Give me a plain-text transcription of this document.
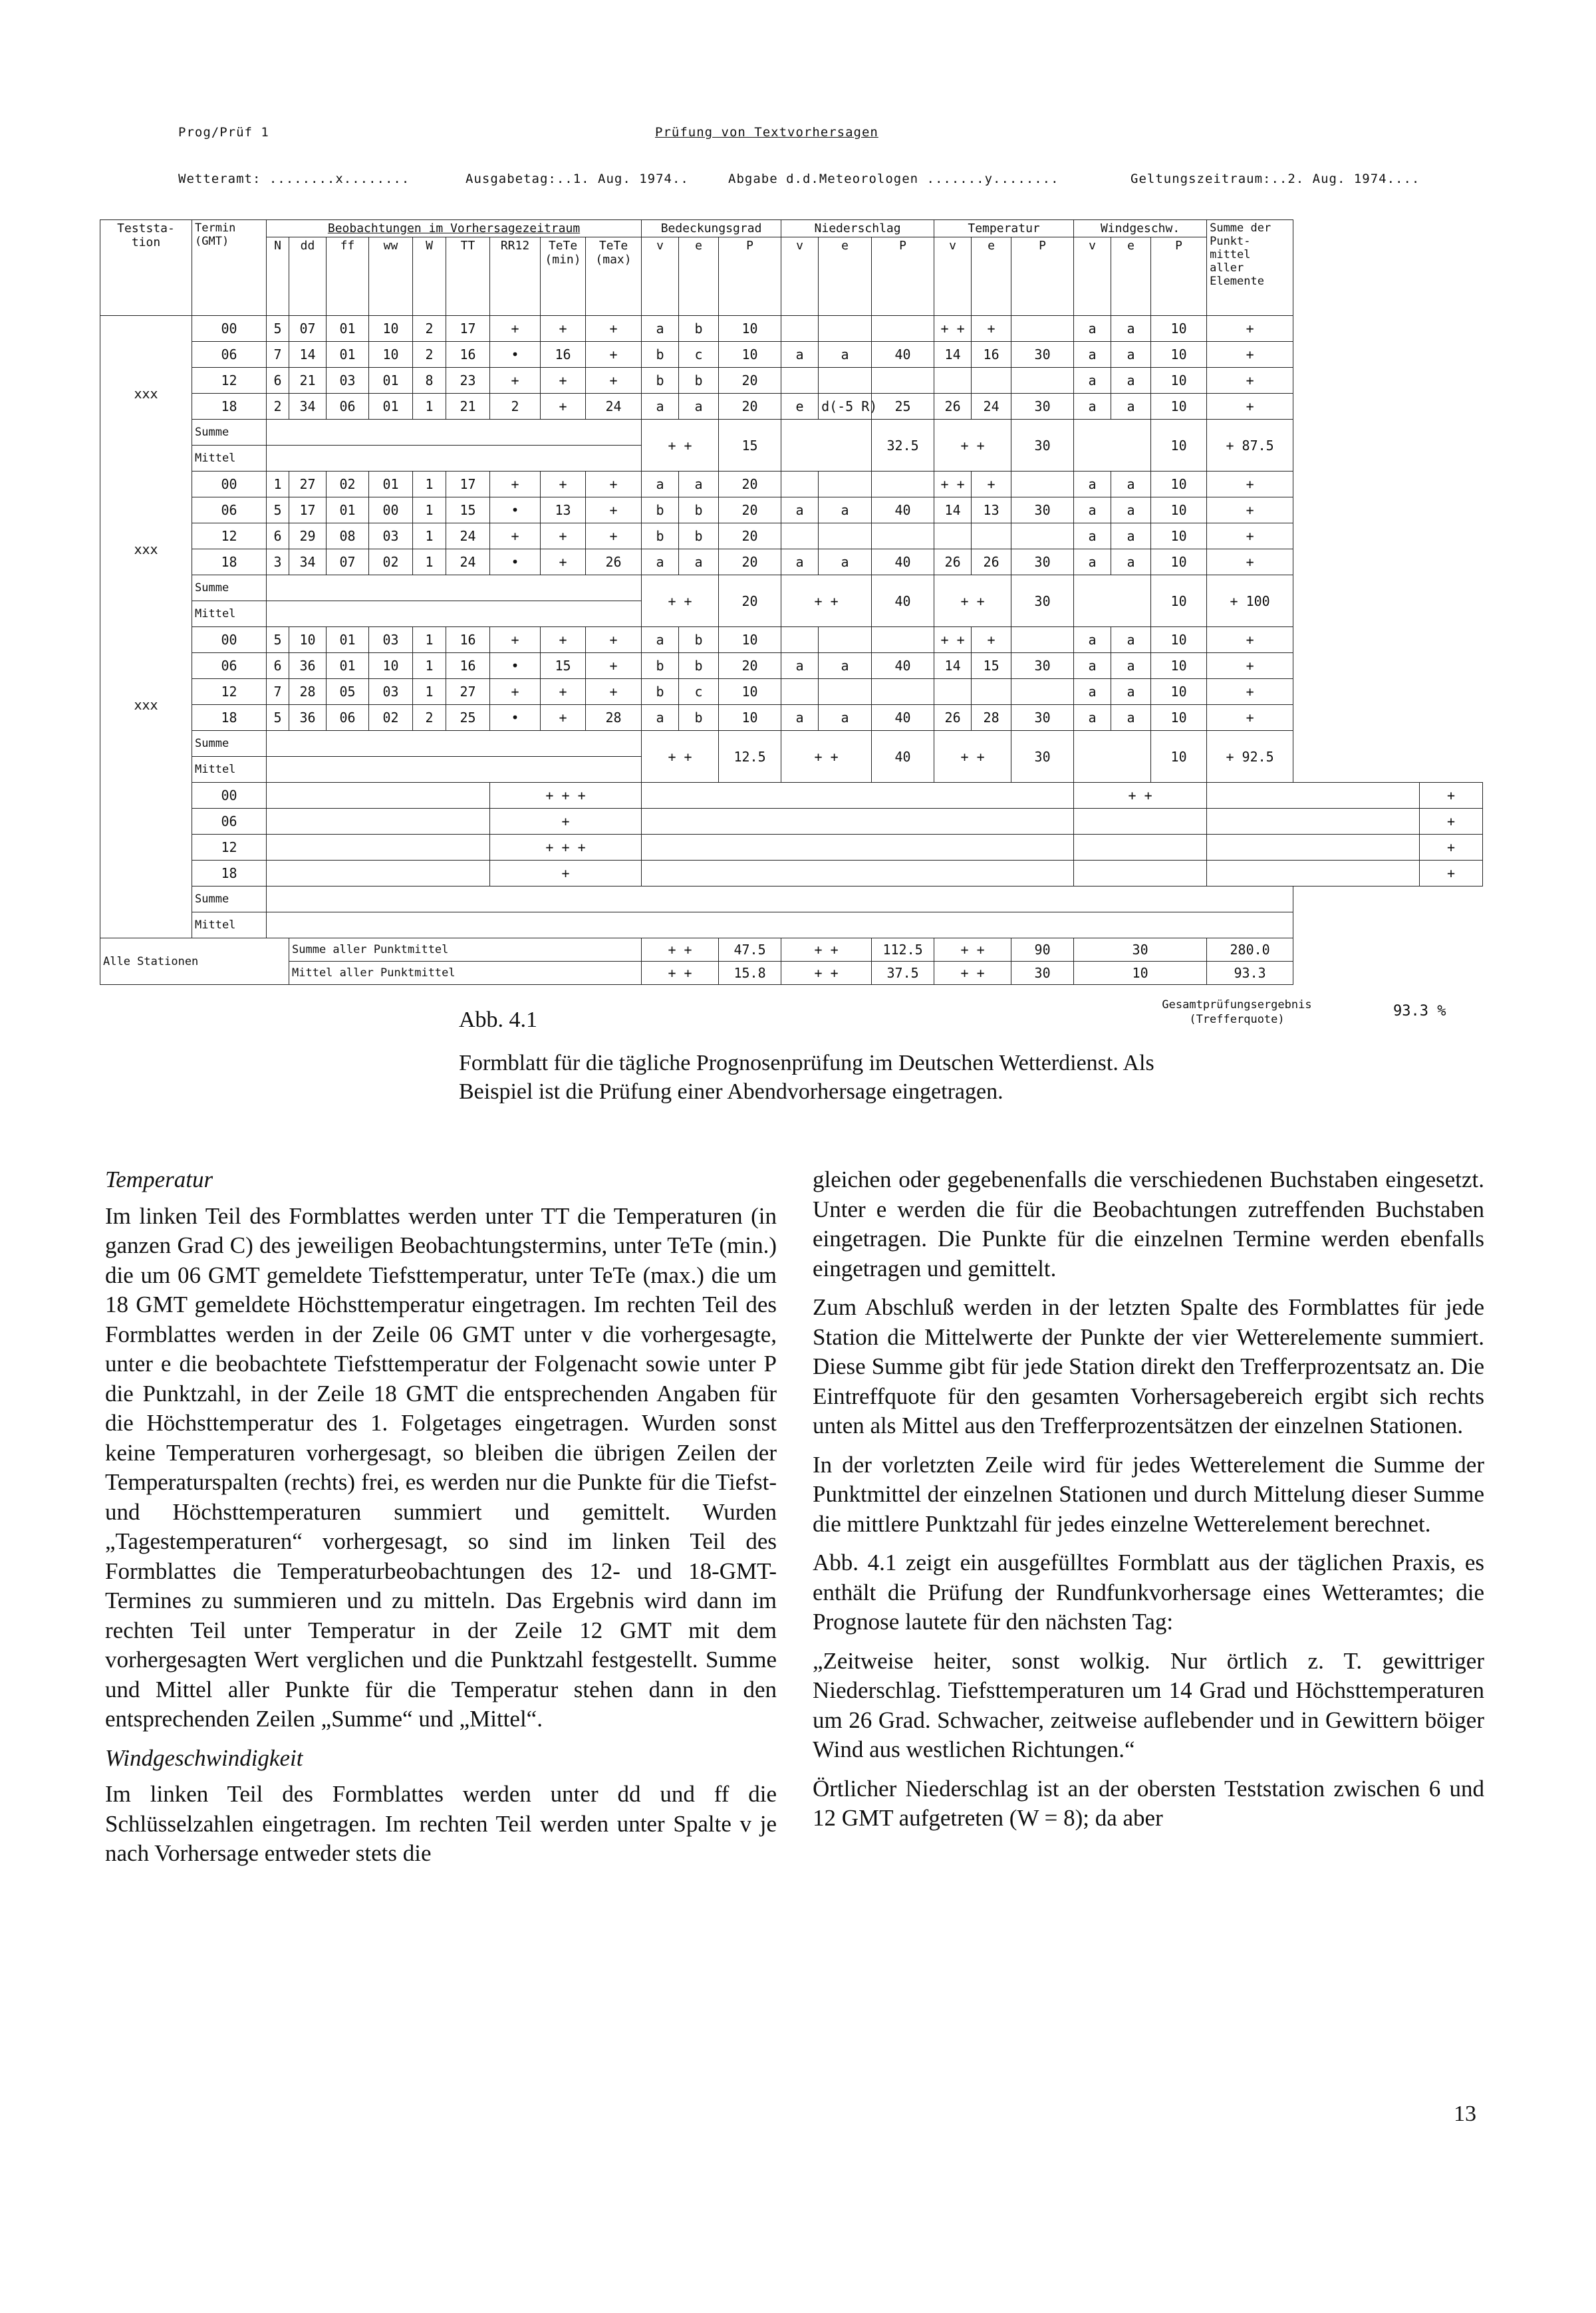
Prog/Prüf 1	Prüfung von Textvorhersagen
Wetteramt: ........x........	Ausgabetag:..1. Aug. 1974..	Abgabe d.d.Meteorologen .......y........	Geltungszeitraum:..2. Aug. 1974....
Teststa- tion	Termin (GMT)	Beobachtungen im Vorhersagezeitraum									Bedeckungsgrad			Niederschlag			Temperatur			Windgeschw.			Summe der Punkt- mittel aller Elemente	
		N	dd	ff	ww	W	TT	RR12	TeTe (min)	TeTe (max)	v	e	P	v	e	P	v	e	P	v	e	P		
xxx	00	5	07	01	10	2	17	+	+	+	a	b	10				+ +	+		a	a	10	+	
	06	7	14	01	10	2	16	•	16	+	b	c	10	a	a	40	14	16	30	a	a	10	+	
	12	6	21	03	01	8	23	+	+	+	b	b	20							a	a	10	+	
	18	2	34	06	01	1	21	2	+	24	a	a	20	e	d(-5 R)	25	26	24	30	a	a	10	+	
	Summe										+ +		15			32.5	+ +		30			10	+ 87.5	
	Mittel																							
xxx	00	1	27	02	01	1	17	+	+	+	a	a	20				+ +	+		a	a	10	+	
	06	5	17	01	00	1	15	•	13	+	b	b	20	a	a	40	14	13	30	a	a	10	+	
	12	6	29	08	03	1	24	+	+	+	b	b	20							a	a	10	+	
	18	3	34	07	02	1	24	•	+	26	a	a	20	a	a	40	26	26	30	a	a	10	+	
	Summe										+ +		20	+ +		40	+ +		30			10	+ 100	
	Mittel																							
xxx	00	5	10	01	03	1	16	+	+	+	a	b	10				+ +	+		a	a	10	+	
	06	6	36	01	10	1	16	•	15	+	b	b	20	a	a	40	14	15	30	a	a	10	+	
	12	7	28	05	03	1	27	+	+	+	b	c	10							a	a	10	+	
	18	5	36	06	02	2	25	•	+	28	a	b	10	a	a	40	26	28	30	a	a	10	+	
	Summe										+ +		12.5	+ +		40	+ +		30			10	+ 92.5	
	Mittel																							
	00							+ + +												+ +				+
	06							+																+
	12							+ + +																+
	18							+																+
	Summe																							
	Mittel																							
Alle Stationen			Summe aller Punktmittel								+ +		47.5	+ +		112.5	+ +		90	30			280.0	
			Mittel aller Punktmittel								+ +		15.8	+ +		37.5	+ +		30	10			93.3	
Gesamtprüfungsergebnis (Trefferquote)	93.3 %
Abb. 4.1
Formblatt für die tägliche Prognosenprüfung im Deutschen Wetterdienst. Als Beispiel ist die Prüfung einer Abendvorhersage eingetragen.
Temperatur

Im linken Teil des Formblattes werden unter TT die Temperaturen (in ganzen Grad C) des jeweiligen Beobachtungstermins, unter TeTe (min.) die um 06 GMT gemeldete Tiefsttemperatur, unter TeTe (max.) die um 18 GMT gemeldete Höchsttemperatur eingetragen. Im rechten Teil des Formblattes werden in der Zeile 06 GMT unter v die vorhergesagte, unter e die beobachtete Tiefsttemperatur der Folgenacht sowie unter P die Punktzahl, in der Zeile 18 GMT die entsprechenden Angaben für die Höchsttemperatur des 1. Folgetages eingetragen. Wurden sonst keine Temperaturen vorhergesagt, so bleiben die übrigen Zeilen der Temperaturspalten (rechts) frei, es werden nur die Punkte für die Tiefst- und Höchsttemperaturen summiert und gemittelt. Wurden „Tagestemperaturen“ vorhergesagt, so sind im linken Teil des Formblattes die Temperaturbeobachtungen des 12- und 18-GMT-Termines zu summieren und zu mitteln. Das Ergebnis wird dann im rechten Teil unter Temperatur in der Zeile 12 GMT mit dem vorhergesagten Wert verglichen und die Punktzahl festgestellt. Summe und Mittel aller Punkte für die Temperatur stehen dann in den entsprechenden Zeilen „Summe“ und „Mittel“.

Windgeschwindigkeit

Im linken Teil des Formblattes werden unter dd und ff die Schlüsselzahlen eingetragen. Im rechten Teil werden unter Spalte v je nach Vorhersage entweder stets die

gleichen oder gegebenenfalls die verschiedenen Buchstaben eingesetzt. Unter e werden die für die Beobachtungen zutreffenden Buchstaben eingetragen. Die Punkte für die einzelnen Termine werden ebenfalls eingetragen und gemittelt.

Zum Abschluß werden in der letzten Spalte des Formblattes für jede Station die Mittelwerte der Punkte der vier Wetterelemente summiert. Diese Summe gibt für jede Station direkt den Trefferprozentsatz an. Die Eintreffquote für den gesamten Vorhersagebereich ergibt sich rechts unten als Mittel aus den Trefferprozentsätzen der einzelnen Stationen.

In der vorletzten Zeile wird für jedes Wetterelement die Summe der Punktmittel der einzelnen Stationen und durch Mittelung dieser Summe die mittlere Punktzahl für jedes einzelne Wetterelement berechnet.

Abb. 4.1 zeigt ein ausgefülltes Formblatt aus der täglichen Praxis, es enthält die Prüfung der Rundfunkvorhersage eines Wetteramtes; die Prognose lautete für den nächsten Tag:

„Zeitweise heiter, sonst wolkig. Nur örtlich z. T. gewittriger Niederschlag. Tiefsttemperaturen um 14 Grad und Höchsttemperaturen um 26 Grad. Schwacher, zeitweise auflebender und in Gewittern böiger Wind aus westlichen Richtungen.“

Örtlicher Niederschlag ist an der obersten Teststation zwischen 6 und 12 GMT aufgetreten (W = 8); da aber

13
